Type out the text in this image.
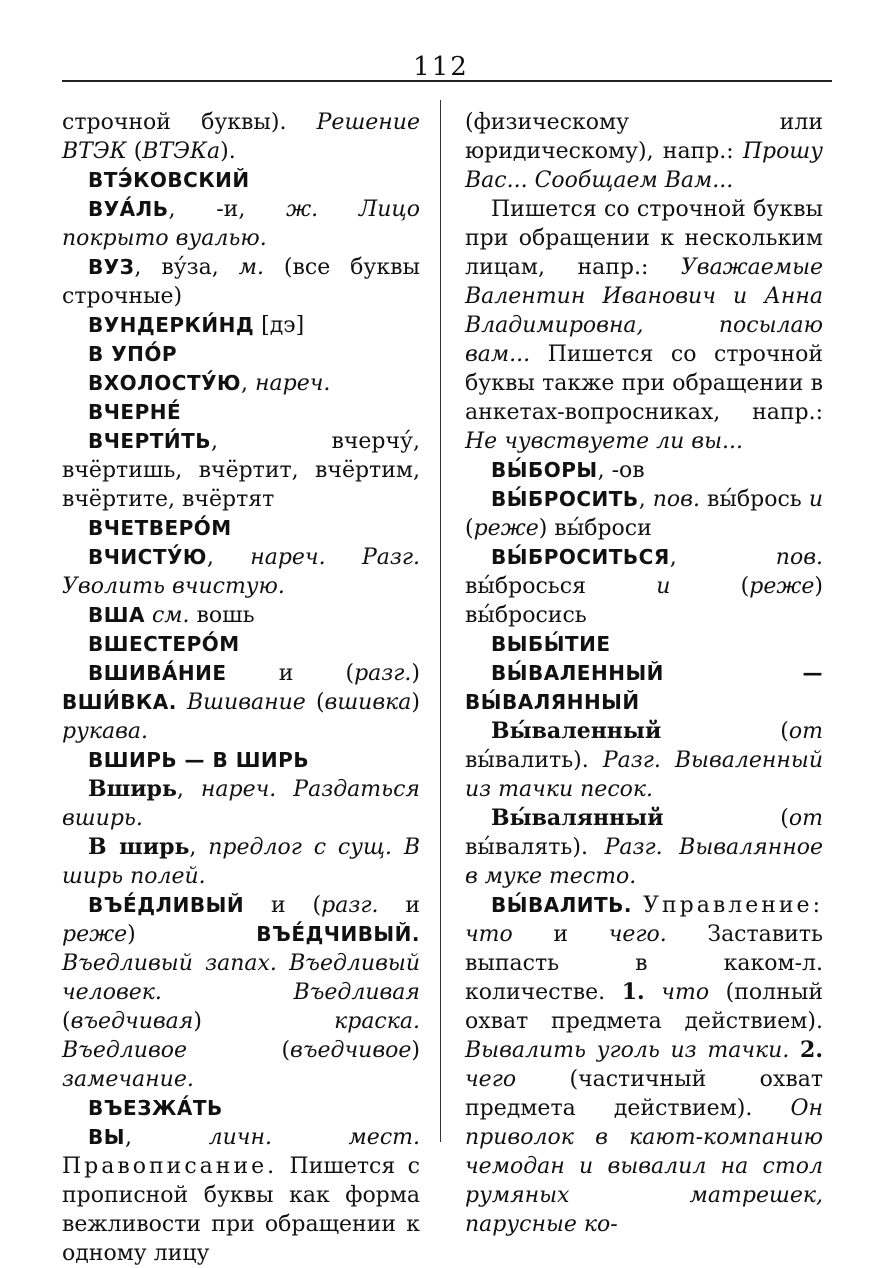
112
строчной буквы). Решение ВТЭК (ВТЭКа).
ВТЭ́КОВСКИЙ
ВУА́ЛЬ, -и, ж. Лицо покрыто вуалью.
ВУЗ, ву́за, м. (все буквы строчные)
ВУНДЕРКИ́НД [дэ]
В УПО́Р
ВХОЛОСТУ́Ю, нареч.
ВЧЕРНЕ́
ВЧЕРТИ́ТЬ, вчерчу́, вчёртишь, вчёртит, вчёртим, вчёртите, вчёртят
ВЧЕТВЕРО́М
ВЧИСТУ́Ю, нареч. Разг. Уволить вчистую.
ВША см. вошь
ВШЕСТЕРО́М
ВШИВА́НИЕ и (разг.) ВШИ́ВКА. Вшивание (вшивка) рукава.
ВШИРЬ — В ШИРЬ
Вширь, нареч. Раздаться вширь.
В ширь, предлог с сущ. В ширь полей.
ВЪЕ́ДЛИВЫЙ и (разг. и реже) ВЪЕ́ДЧИВЫЙ. Въедливый запах. Въедливый человек. Въедливая (въедчивая) краска. Въедливое (въедчивое) замечание.
ВЪЕЗЖА́ТЬ
ВЫ, личн. мест. Правописание. Пишется с прописной буквы как форма вежливости при обращении к одному лицу
(физическому или юридическому), напр.: Прошу Вас... Сообщаем Вам...
Пишется со строчной буквы при обращении к нескольким лицам, напр.: Уважаемые Валентин Иванович и Анна Владимировна, посылаю вам... Пишется со строчной буквы также при обращении в анкетах-вопросниках, напр.: Не чувствуете ли вы...
ВЫ́БОРЫ, -ов
ВЫ́БРОСИТЬ, пов. вы́брось и (реже) вы́броси
ВЫ́БРОСИТЬСЯ, пов. вы́бросься и (реже) вы́бросись
ВЫБЫ́ТИЕ
ВЫ́ВАЛЕННЫЙ — ВЫ́ВАЛЯННЫЙ
Вы́валенный (от вы́валить). Разг. Вываленный из тачки песок.
Вы́валянный (от вы́валять). Разг. Вывалянное в муке тесто.
ВЫ́ВАЛИТЬ. Управление: что и чего. Заставить выпасть в каком-л. количестве. 1. что (полный охват предмета действием). Вывалить уголь из тачки. 2. чего (частичный охват предмета действием). Он приволок в кают-компанию чемодан и вывалил на стол румяных матрешек, парусные ко-
